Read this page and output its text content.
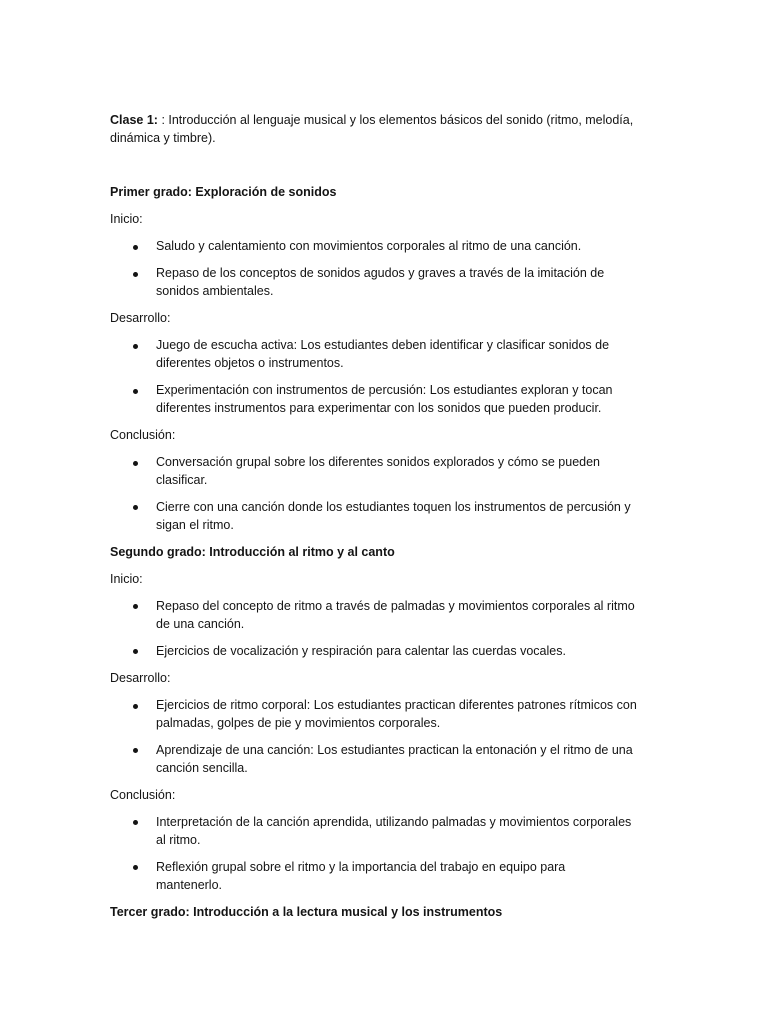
Clase 1: : Introducción al lenguaje musical y los elementos básicos del sonido (ritmo, melodía,
dinámica y timbre).
Primer grado: Exploración de sonidos
Inicio:
Saludo y calentamiento con movimientos corporales al ritmo de una canción.
Repaso de los conceptos de sonidos agudos y graves a través de la imitación de
sonidos ambientales.
Desarrollo:
Juego de escucha activa: Los estudiantes deben identificar y clasificar sonidos de
diferentes objetos o instrumentos.
Experimentación con instrumentos de percusión: Los estudiantes exploran y tocan
diferentes instrumentos para experimentar con los sonidos que pueden producir.
Conclusión:
Conversación grupal sobre los diferentes sonidos explorados y cómo se pueden
clasificar.
Cierre con una canción donde los estudiantes toquen los instrumentos de percusión y
sigan el ritmo.
Segundo grado: Introducción al ritmo y al canto
Inicio:
Repaso del concepto de ritmo a través de palmadas y movimientos corporales al ritmo
de una canción.
Ejercicios de vocalización y respiración para calentar las cuerdas vocales.
Desarrollo:
Ejercicios de ritmo corporal: Los estudiantes practican diferentes patrones rítmicos con
palmadas, golpes de pie y movimientos corporales.
Aprendizaje de una canción: Los estudiantes practican la entonación y el ritmo de una
canción sencilla.
Conclusión:
Interpretación de la canción aprendida, utilizando palmadas y movimientos corporales
al ritmo.
Reflexión grupal sobre el ritmo y la importancia del trabajo en equipo para
mantenerlo.
Tercer grado: Introducción a la lectura musical y los instrumentos
